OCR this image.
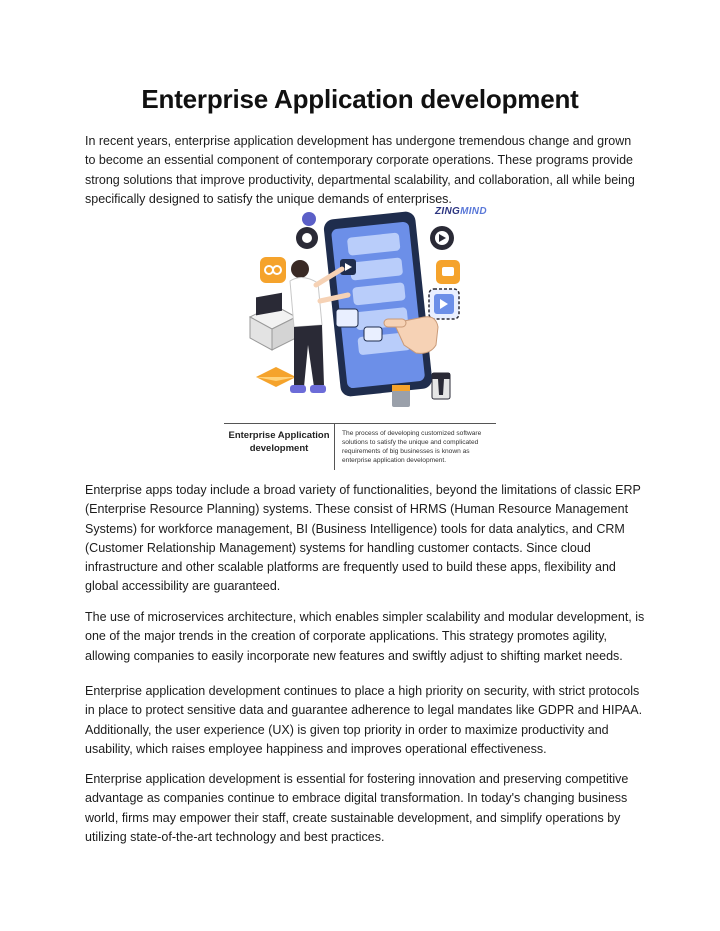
Enterprise Application development

In recent years, enterprise application development has undergone tremendous change and grown to become an essential component of contemporary corporate operations. These programs provide strong solutions that improve productivity, departmental scalability, and collaboration, all while being specifically designed to satisfy the unique demands of enterprises.

ZINGMIND
Enterprise Application development
The process of developing customized software solutions to satisfy the unique and complicated requirements of big businesses is known as enterprise application development.

Enterprise apps today include a broad variety of functionalities, beyond the limitations of classic ERP (Enterprise Resource Planning) systems. These consist of HRMS (Human Resource Management Systems) for workforce management, BI (Business Intelligence) tools for data analytics, and CRM (Customer Relationship Management) systems for handling customer contacts. Since cloud infrastructure and other scalable platforms are frequently used to build these apps, flexibility and global accessibility are guaranteed.

The use of microservices architecture, which enables simpler scalability and modular development, is one of the major trends in the creation of corporate applications. This strategy promotes agility, allowing companies to easily incorporate new features and swiftly adjust to shifting market needs.

Enterprise application development continues to place a high priority on security, with strict protocols in place to protect sensitive data and guarantee adherence to legal mandates like GDPR and HIPAA. Additionally, the user experience (UX) is given top priority in order to maximize productivity and usability, which raises employee happiness and improves operational effectiveness.

Enterprise application development is essential for fostering innovation and preserving competitive advantage as companies continue to embrace digital transformation. In today's changing business world, firms may empower their staff, create sustainable development, and simplify operations by utilizing state-of-the-art technology and best practices.
